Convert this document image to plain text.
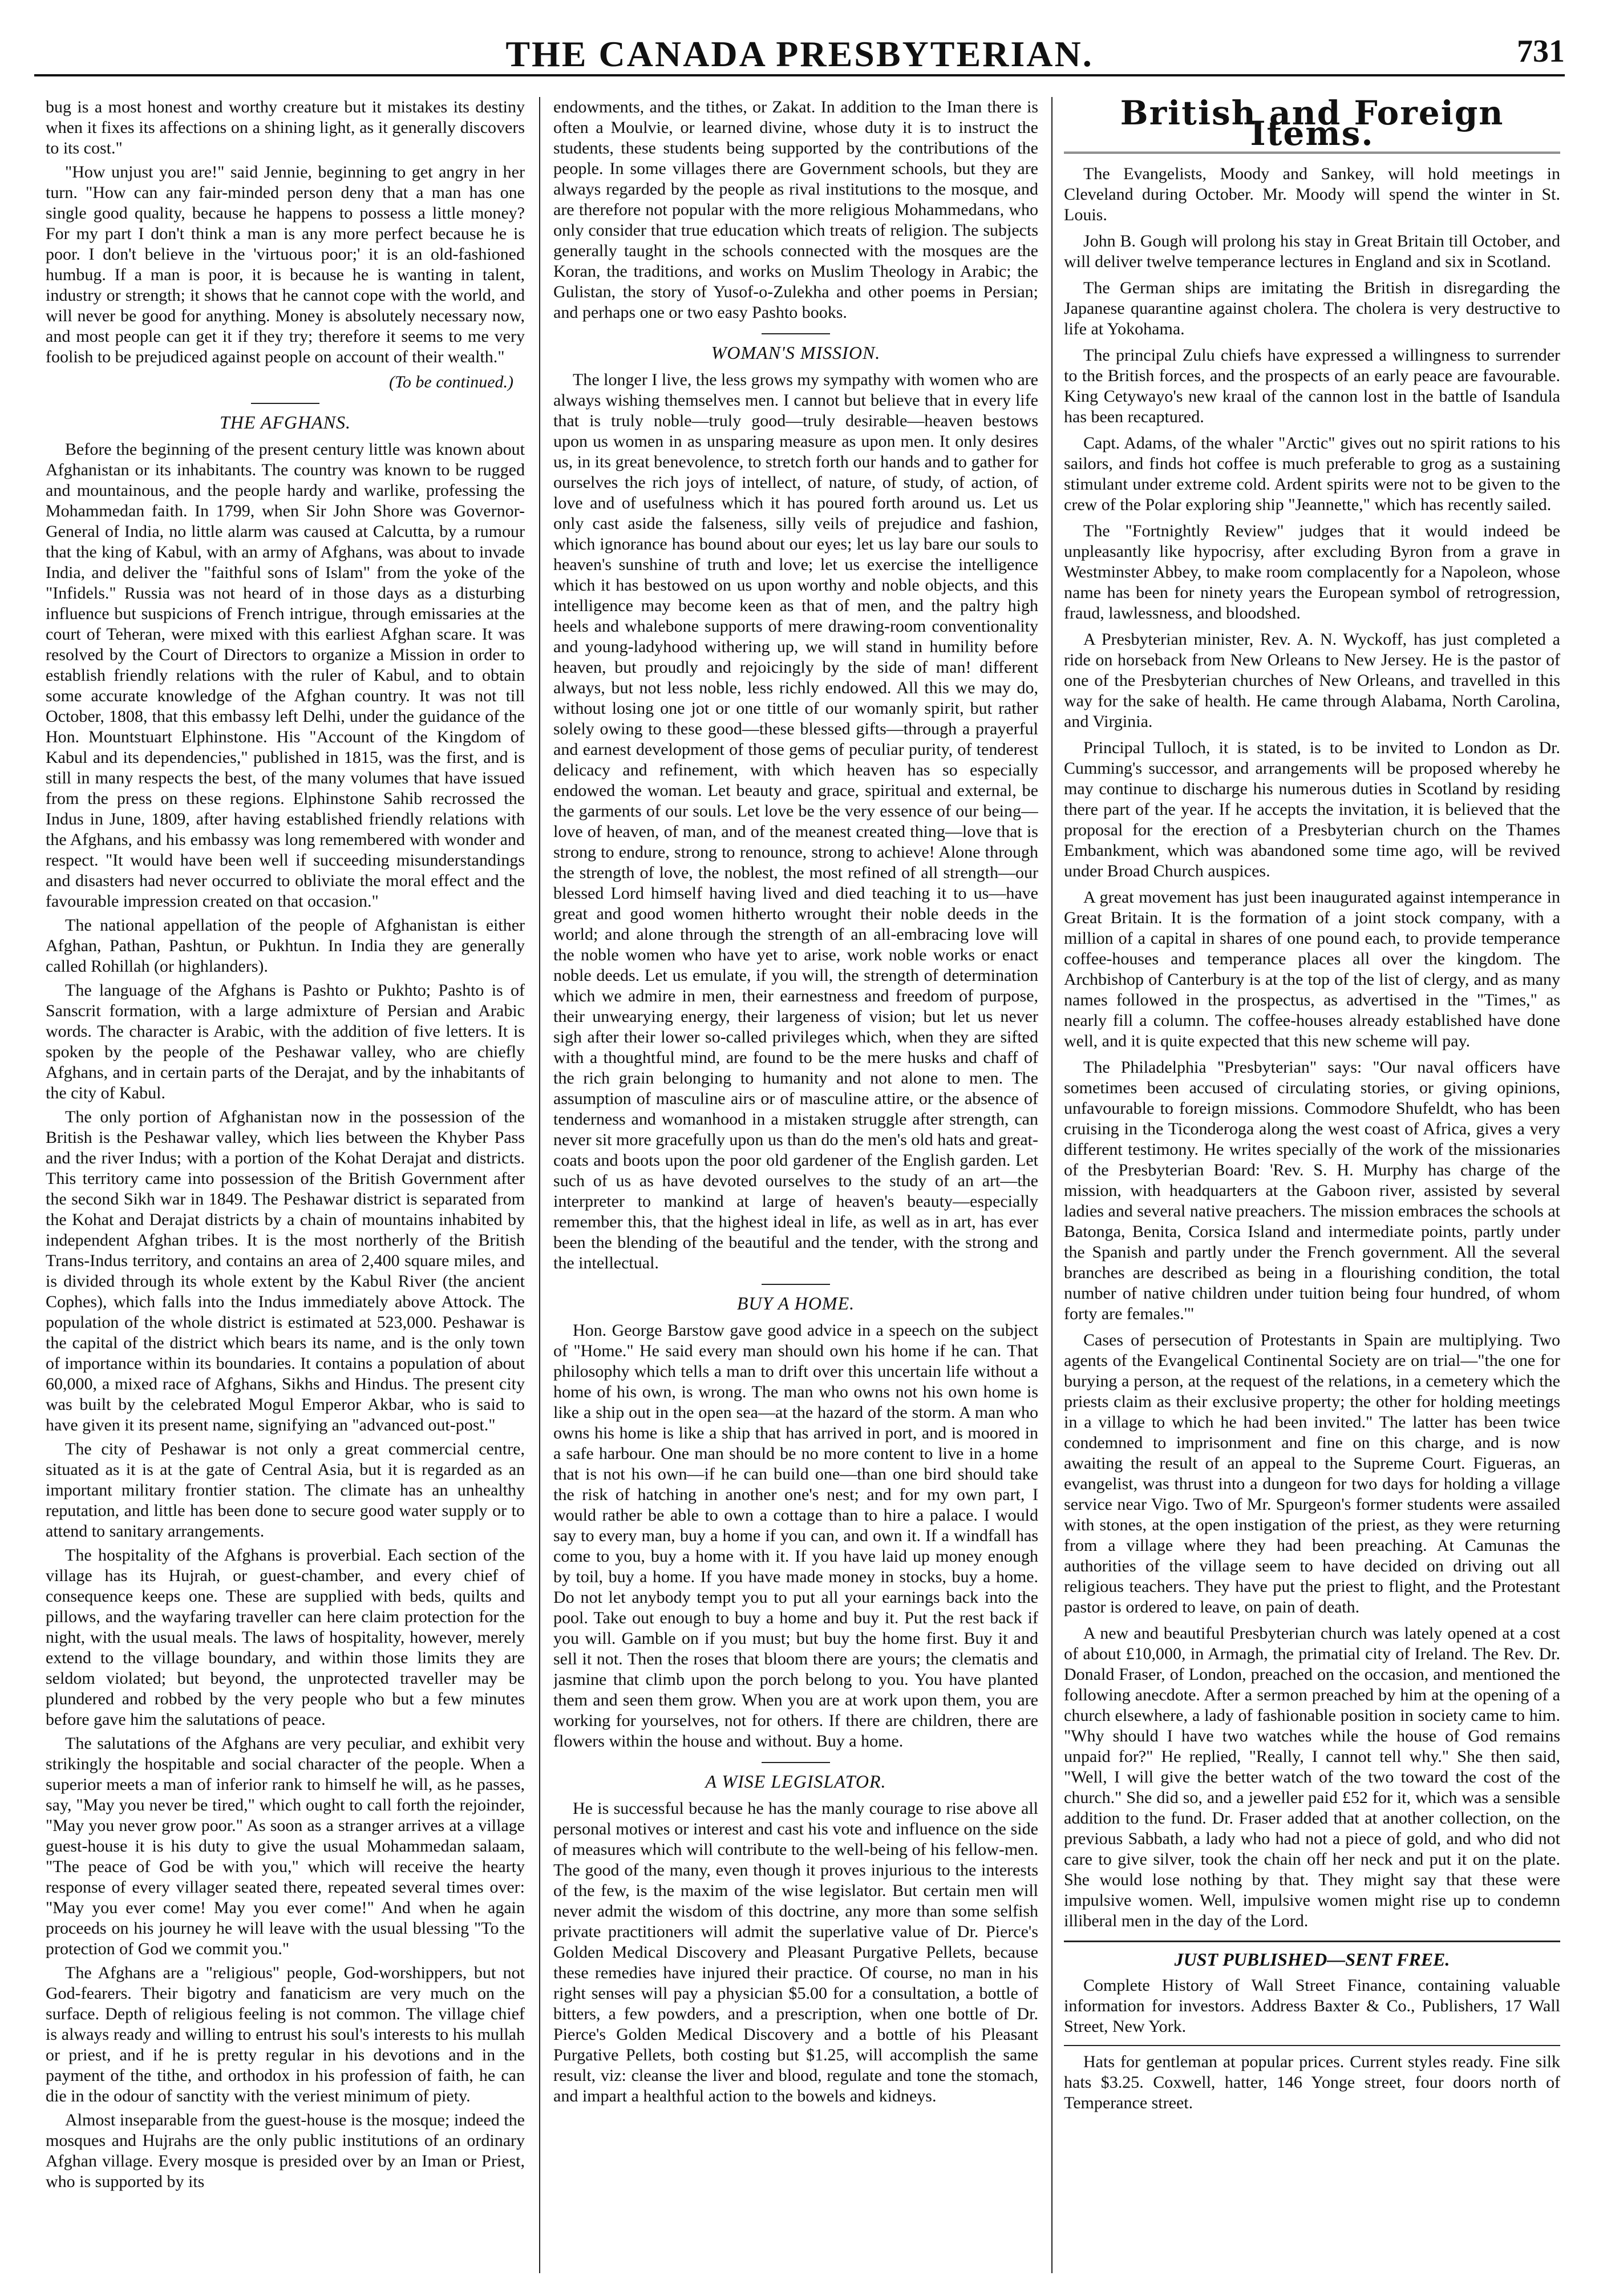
THE CANADA PRESBYTERIAN.	731

bug is a most honest and worthy creature but it mistakes its destiny when it fixes its affections on a shining light, as it generally discovers to its cost."

"How unjust you are!" said Jennie, beginning to get angry in her turn. "How can any fair-minded person deny that a man has one single good quality, because he happens to possess a little money? For my part I don't think a man is any more perfect because he is poor. I don't believe in the 'virtuous poor;' it is an old-fashioned humbug. If a man is poor, it is because he is wanting in talent, industry or strength; it shows that he cannot cope with the world, and will never be good for anything. Money is absolutely necessary now, and most people can get it if they try; therefore it seems to me very foolish to be prejudiced against people on account of their wealth."

(To be continued.)
THE AFGHANS.

Before the beginning of the present century little was known about Afghanistan or its inhabitants. The country was known to be rugged and mountainous, and the people hardy and warlike, professing the Mohammedan faith. In 1799, when Sir John Shore was Governor-General of India, no little alarm was caused at Calcutta, by a rumour that the king of Kabul, with an army of Afghans, was about to invade India, and deliver the "faithful sons of Islam" from the yoke of the "Infidels." Russia was not heard of in those days as a disturbing influence but suspicions of French intrigue, through emissaries at the court of Teheran, were mixed with this earliest Afghan scare. It was resolved by the Court of Directors to organize a Mission in order to establish friendly relations with the ruler of Kabul, and to obtain some accurate knowledge of the Afghan country. It was not till October, 1808, that this embassy left Delhi, under the guidance of the Hon. Mountstuart Elphinstone. His "Account of the Kingdom of Kabul and its dependencies," published in 1815, was the first, and is still in many respects the best, of the many volumes that have issued from the press on these regions. Elphinstone Sahib recrossed the Indus in June, 1809, after having established friendly relations with the Afghans, and his embassy was long remembered with wonder and respect. "It would have been well if succeeding misunderstandings and disasters had never occurred to obliviate the moral effect and the favourable impression created on that occasion."

The national appellation of the people of Afghanistan is either Afghan, Pathan, Pashtun, or Pukhtun. In India they are generally called Rohillah (or highlanders).

The language of the Afghans is Pashto or Pukhto; Pashto is of Sanscrit formation, with a large admixture of Persian and Arabic words. The character is Arabic, with the addition of five letters. It is spoken by the people of the Peshawar valley, who are chiefly Afghans, and in certain parts of the Derajat, and by the inhabitants of the city of Kabul.

The only portion of Afghanistan now in the possession of the British is the Peshawar valley, which lies between the Khyber Pass and the river Indus; with a portion of the Kohat Derajat and districts. This territory came into possession of the British Government after the second Sikh war in 1849. The Peshawar district is separated from the Kohat and Derajat districts by a chain of mountains inhabited by independent Afghan tribes. It is the most northerly of the British Trans-Indus territory, and contains an area of 2,400 square miles, and is divided through its whole extent by the Kabul River (the ancient Cophes), which falls into the Indus immediately above Attock. The population of the whole district is estimated at 523,000. Peshawar is the capital of the district which bears its name, and is the only town of importance within its boundaries. It contains a population of about 60,000, a mixed race of Afghans, Sikhs and Hindus. The present city was built by the celebrated Mogul Emperor Akbar, who is said to have given it its present name, signifying an "advanced out-post."

The city of Peshawar is not only a great commercial centre, situated as it is at the gate of Central Asia, but it is regarded as an important military frontier station. The climate has an unhealthy reputation, and little has been done to secure good water supply or to attend to sanitary arrangements.

The hospitality of the Afghans is proverbial. Each section of the village has its Hujrah, or guest-chamber, and every chief of consequence keeps one. These are supplied with beds, quilts and pillows, and the wayfaring traveller can here claim protection for the night, with the usual meals. The laws of hospitality, however, merely extend to the village boundary, and within those limits they are seldom violated; but beyond, the unprotected traveller may be plundered and robbed by the very people who but a few minutes before gave him the salutations of peace.

The salutations of the Afghans are very peculiar, and exhibit very strikingly the hospitable and social character of the people. When a superior meets a man of inferior rank to himself he will, as he passes, say, "May you never be tired," which ought to call forth the rejoinder, "May you never grow poor." As soon as a stranger arrives at a village guest-house it is his duty to give the usual Mohammedan salaam, "The peace of God be with you," which will receive the hearty response of every villager seated there, repeated several times over: "May you ever come! May you ever come!" And when he again proceeds on his journey he will leave with the usual blessing "To the protection of God we commit you."

The Afghans are a "religious" people, God-worshippers, but not God-fearers. Their bigotry and fanaticism are very much on the surface. Depth of religious feeling is not common. The village chief is always ready and willing to entrust his soul's interests to his mullah or priest, and if he is pretty regular in his devotions and in the payment of the tithe, and orthodox in his profession of faith, he can die in the odour of sanctity with the veriest minimum of piety.

Almost inseparable from the guest-house is the mosque; indeed the mosques and Hujrahs are the only public institutions of an ordinary Afghan village. Every mosque is presided over by an Iman or Priest, who is supported by its

endowments, and the tithes, or Zakat. In addition to the Iman there is often a Moulvie, or learned divine, whose duty it is to instruct the students, these students being supported by the contributions of the people. In some villages there are Government schools, but they are always regarded by the people as rival institutions to the mosque, and are therefore not popular with the more religious Mohammedans, who only consider that true education which treats of religion. The subjects generally taught in the schools connected with the mosques are the Koran, the traditions, and works on Muslim Theology in Arabic; the Gulistan, the story of Yusof-o-Zulekha and other poems in Persian; and perhaps one or two easy Pashto books.

WOMAN'S MISSION.

The longer I live, the less grows my sympathy with women who are always wishing themselves men. I cannot but believe that in every life that is truly noble—truly good—truly desirable—heaven bestows upon us women in as unsparing measure as upon men. It only desires us, in its great benevolence, to stretch forth our hands and to gather for ourselves the rich joys of intellect, of nature, of study, of action, of love and of usefulness which it has poured forth around us. Let us only cast aside the falseness, silly veils of prejudice and fashion, which ignorance has bound about our eyes; let us lay bare our souls to heaven's sunshine of truth and love; let us exercise the intelligence which it has bestowed on us upon worthy and noble objects, and this intelligence may become keen as that of men, and the paltry high heels and whalebone supports of mere drawing-room conventionality and young-ladyhood withering up, we will stand in humility before heaven, but proudly and rejoicingly by the side of man! different always, but not less noble, less richly endowed. All this we may do, without losing one jot or one tittle of our womanly spirit, but rather solely owing to these good—these blessed gifts—through a prayerful and earnest development of those gems of peculiar purity, of tenderest delicacy and refinement, with which heaven has so especially endowed the woman. Let beauty and grace, spiritual and external, be the garments of our souls. Let love be the very essence of our being—love of heaven, of man, and of the meanest created thing—love that is strong to endure, strong to renounce, strong to achieve! Alone through the strength of love, the noblest, the most refined of all strength—our blessed Lord himself having lived and died teaching it to us—have great and good women hitherto wrought their noble deeds in the world; and alone through the strength of an all-embracing love will the noble women who have yet to arise, work noble works or enact noble deeds. Let us emulate, if you will, the strength of determination which we admire in men, their earnestness and freedom of purpose, their unwearying energy, their largeness of vision; but let us never sigh after their lower so-called privileges which, when they are sifted with a thoughtful mind, are found to be the mere husks and chaff of the rich grain belonging to humanity and not alone to men. The assumption of masculine airs or of masculine attire, or the absence of tenderness and womanhood in a mistaken struggle after strength, can never sit more gracefully upon us than do the men's old hats and great-coats and boots upon the poor old gardener of the English garden. Let such of us as have devoted ourselves to the study of an art—the interpreter to mankind at large of heaven's beauty—especially remember this, that the highest ideal in life, as well as in art, has ever been the blending of the beautiful and the tender, with the strong and the intellectual.

BUY A HOME.

Hon. George Barstow gave good advice in a speech on the subject of "Home." He said every man should own his home if he can. That philosophy which tells a man to drift over this uncertain life without a home of his own, is wrong. The man who owns not his own home is like a ship out in the open sea—at the hazard of the storm. A man who owns his home is like a ship that has arrived in port, and is moored in a safe harbour. One man should be no more content to live in a home that is not his own—if he can build one—than one bird should take the risk of hatching in another one's nest; and for my own part, I would rather be able to own a cottage than to hire a palace. I would say to every man, buy a home if you can, and own it. If a windfall has come to you, buy a home with it. If you have laid up money enough by toil, buy a home. If you have made money in stocks, buy a home. Do not let anybody tempt you to put all your earnings back into the pool. Take out enough to buy a home and buy it. Put the rest back if you will. Gamble on if you must; but buy the home first. Buy it and sell it not. Then the roses that bloom there are yours; the clematis and jasmine that climb upon the porch belong to you. You have planted them and seen them grow. When you are at work upon them, you are working for yourselves, not for others. If there are children, there are flowers within the house and without. Buy a home.

A WISE LEGISLATOR.

He is successful because he has the manly courage to rise above all personal motives or interest and cast his vote and influence on the side of measures which will contribute to the well-being of his fellow-men. The good of the many, even though it proves injurious to the interests of the few, is the maxim of the wise legislator. But certain men will never admit the wisdom of this doctrine, any more than some selfish private practitioners will admit the superlative value of Dr. Pierce's Golden Medical Discovery and Pleasant Purgative Pellets, because these remedies have injured their practice. Of course, no man in his right senses will pay a physician $5.00 for a consultation, a bottle of bitters, a few powders, and a prescription, when one bottle of Dr. Pierce's Golden Medical Discovery and a bottle of his Pleasant Purgative Pellets, both costing but $1.25, will accomplish the same result, viz: cleanse the liver and blood, regulate and tone the stomach, and impart a healthful action to the bowels and kidneys.

British and Foreign Items.

The Evangelists, Moody and Sankey, will hold meetings in Cleveland during October. Mr. Moody will spend the winter in St. Louis.

John B. Gough will prolong his stay in Great Britain till October, and will deliver twelve temperance lectures in England and six in Scotland.

The German ships are imitating the British in disregarding the Japanese quarantine against cholera. The cholera is very destructive to life at Yokohama.

The principal Zulu chiefs have expressed a willingness to surrender to the British forces, and the prospects of an early peace are favourable. King Cetywayo's new kraal of the cannon lost in the battle of Isandula has been recaptured.

Capt. Adams, of the whaler "Arctic" gives out no spirit rations to his sailors, and finds hot coffee is much preferable to grog as a sustaining stimulant under extreme cold. Ardent spirits were not to be given to the crew of the Polar exploring ship "Jeannette," which has recently sailed.

The "Fortnightly Review" judges that it would indeed be unpleasantly like hypocrisy, after excluding Byron from a grave in Westminster Abbey, to make room complacently for a Napoleon, whose name has been for ninety years the European symbol of retrogression, fraud, lawlessness, and bloodshed.

A Presbyterian minister, Rev. A. N. Wyckoff, has just completed a ride on horseback from New Orleans to New Jersey. He is the pastor of one of the Presbyterian churches of New Orleans, and travelled in this way for the sake of health. He came through Alabama, North Carolina, and Virginia.

Principal Tulloch, it is stated, is to be invited to London as Dr. Cumming's successor, and arrangements will be proposed whereby he may continue to discharge his numerous duties in Scotland by residing there part of the year. If he accepts the invitation, it is believed that the proposal for the erection of a Presbyterian church on the Thames Embankment, which was abandoned some time ago, will be revived under Broad Church auspices.

A great movement has just been inaugurated against intemperance in Great Britain. It is the formation of a joint stock company, with a million of a capital in shares of one pound each, to provide temperance coffee-houses and temperance places all over the kingdom. The Archbishop of Canterbury is at the top of the list of clergy, and as many names followed in the prospectus, as advertised in the "Times," as nearly fill a column. The coffee-houses already established have done well, and it is quite expected that this new scheme will pay.

The Philadelphia "Presbyterian" says: "Our naval officers have sometimes been accused of circulating stories, or giving opinions, unfavourable to foreign missions. Commodore Shufeldt, who has been cruising in the Ticonderoga along the west coast of Africa, gives a very different testimony. He writes specially of the work of the missionaries of the Presbyterian Board: 'Rev. S. H. Murphy has charge of the mission, with headquarters at the Gaboon river, assisted by several ladies and several native preachers. The mission embraces the schools at Batonga, Benita, Corsica Island and intermediate points, partly under the Spanish and partly under the French government. All the several branches are described as being in a flourishing condition, the total number of native children under tuition being four hundred, of whom forty are females.'"

Cases of persecution of Protestants in Spain are multiplying. Two agents of the Evangelical Continental Society are on trial—"the one for burying a person, at the request of the relations, in a cemetery which the priests claim as their exclusive property; the other for holding meetings in a village to which he had been invited." The latter has been twice condemned to imprisonment and fine on this charge, and is now awaiting the result of an appeal to the Supreme Court. Figueras, an evangelist, was thrust into a dungeon for two days for holding a village service near Vigo. Two of Mr. Spurgeon's former students were assailed with stones, at the open instigation of the priest, as they were returning from a village where they had been preaching. At Camunas the authorities of the village seem to have decided on driving out all religious teachers. They have put the priest to flight, and the Protestant pastor is ordered to leave, on pain of death.

A new and beautiful Presbyterian church was lately opened at a cost of about £10,000, in Armagh, the primatial city of Ireland. The Rev. Dr. Donald Fraser, of London, preached on the occasion, and mentioned the following anecdote. After a sermon preached by him at the opening of a church elsewhere, a lady of fashionable position in society came to him. "Why should I have two watches while the house of God remains unpaid for?" He replied, "Really, I cannot tell why." She then said, "Well, I will give the better watch of the two toward the cost of the church." She did so, and a jeweller paid £52 for it, which was a sensible addition to the fund. Dr. Fraser added that at another collection, on the previous Sabbath, a lady who had not a piece of gold, and who did not care to give silver, took the chain off her neck and put it on the plate. She would lose nothing by that. They might say that these were impulsive women. Well, impulsive women might rise up to condemn illiberal men in the day of the Lord.

JUST PUBLISHED—SENT FREE.

Complete History of Wall Street Finance, containing valuable information for investors. Address Baxter & Co., Publishers, 17 Wall Street, New York.

Hats for gentleman at popular prices. Current styles ready. Fine silk hats $3.25. Coxwell, hatter, 146 Yonge street, four doors north of Temperance street.
